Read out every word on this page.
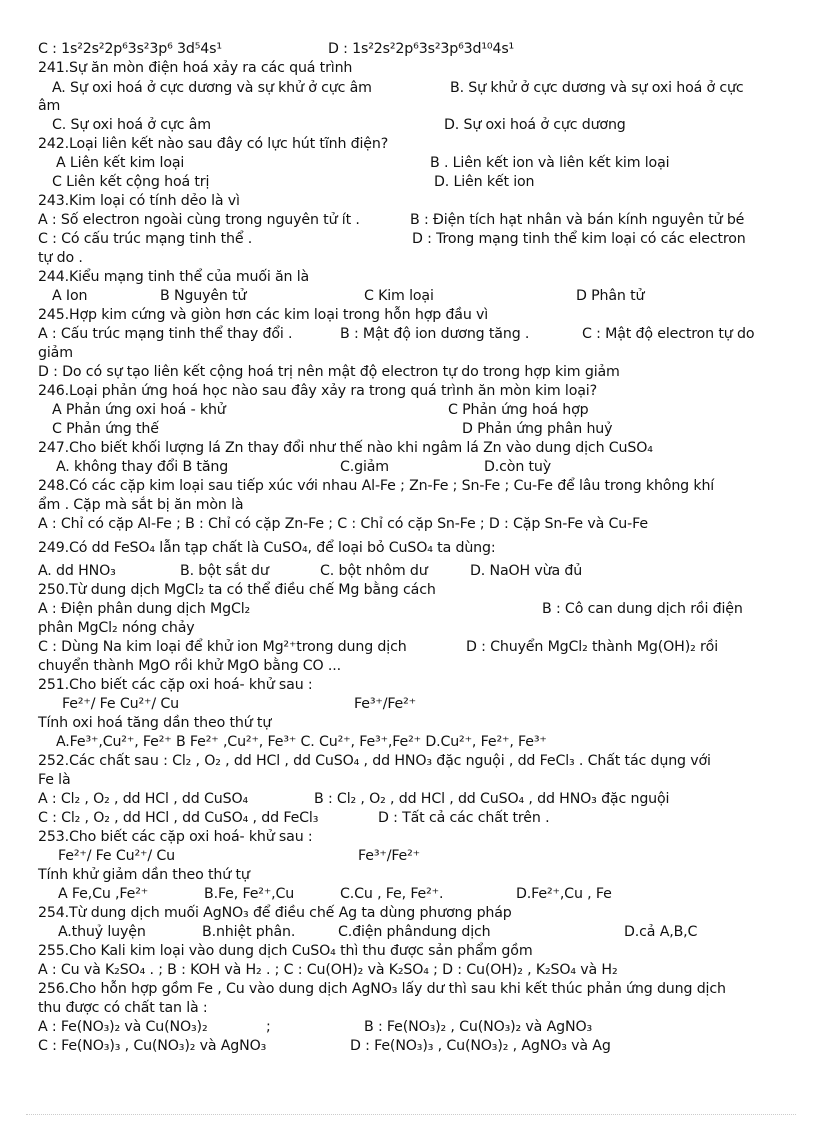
C : 1s²2s²2p⁶3s²3p⁶ 3d⁵4s¹	D : 1s²2s²2p⁶3s²3p⁶3d¹⁰4s¹
241.Sự ăn mòn điện hoá xảy ra các quá trình
A. Sự oxi hoá ở cực dương và sự khử ở cực âm	B. Sự khử ở cực dương và sự oxi hoá ở cực
âm
C. Sự oxi hoá ở cực âm	D. Sự oxi hoá ở cực dương
242.Loại liên kết nào sau đây có lực hút tĩnh điện?
A Liên kết kim loại	B . Liên kết ion và liên kết kim loại
C Liên kết cộng hoá trị	D. Liên kết ion
243.Kim loại có tính dẻo là vì
A : Số electron ngoài cùng trong nguyên tử ít .	B : Điện tích hạt nhân và bán kính nguyên tử bé
C : Có cấu trúc mạng tinh thể .	D : Trong mạng tinh thể kim loại có các electron
tự do .
244.Kiểu mạng tinh thể của muối ăn là
A Ion	B Nguyên tử	C Kim loại	D Phân tử
245.Hợp kim cứng và giòn hơn các kim loại trong hỗn hợp đầu vì
A : Cấu trúc mạng tinh thể thay đổi .	B : Mật độ ion dương tăng .	C : Mật độ electron tự do
giảm
D : Do có sự tạo liên kết cộng hoá trị nên mật độ electron tự do trong hợp kim giảm
246.Loại phản ứng hoá học nào sau đây xảy ra trong quá trình ăn mòn kim loại?
A Phản ứng oxi hoá - khử	C Phản ứng hoá hợp
C Phản ứng thế	D Phản ứng phân huỷ
247.Cho biết khối lượng lá Zn thay đổi như thế nào khi ngâm lá Zn vào dung dịch CuSO₄
A. không thay đổi B tăng	C.giảm	D.còn tuỳ
248.Có các cặp kim loại sau tiếp xúc với nhau Al-Fe ; Zn-Fe ; Sn-Fe ; Cu-Fe để lâu trong không khí
ẩm . Cặp mà sắt bị ăn mòn là
A : Chỉ có cặp Al-Fe ; B : Chỉ có cặp Zn-Fe ; C : Chỉ có cặp Sn-Fe ; D : Cặp Sn-Fe và Cu-Fe
249.Có dd FeSO₄ lẫn tạp chất là CuSO₄, để loại bỏ CuSO₄ ta dùng:
A. dd HNO₃	B. bột sắt dư	C. bột nhôm dư	D. NaOH vừa đủ
250.Từ dung dịch MgCl₂ ta có thể điều chế Mg bằng cách
A : Điện phân dung dịch MgCl₂	B : Cô can dung dịch rồi điện
phân MgCl₂ nóng chảy
C : Dùng Na kim loại để khử ion Mg²⁺trong dung dịch	D : Chuyển MgCl₂ thành Mg(OH)₂ rồi
chuyển thành MgO rồi khử MgO bằng CO ...
251.Cho biết các cặp oxi hoá- khử sau :
Fe²⁺/ Fe Cu²⁺/ Cu	Fe³⁺/Fe²⁺
Tính oxi hoá tăng dần theo thứ tự
A.Fe³⁺,Cu²⁺, Fe²⁺ B Fe²⁺ ,Cu²⁺, Fe³⁺ C. Cu²⁺, Fe³⁺,Fe²⁺ D.Cu²⁺, Fe²⁺, Fe³⁺
252.Các chất sau : Cl₂ , O₂ , dd HCl , dd CuSO₄ , dd HNO₃ đặc nguội , dd FeCl₃ . Chất tác dụng với
Fe là
A : Cl₂ , O₂ , dd HCl , dd CuSO₄	B : Cl₂ , O₂ , dd HCl , dd CuSO₄ , dd HNO₃ đặc nguội
C : Cl₂ , O₂ , dd HCl , dd CuSO₄ , dd FeCl₃	D : Tất cả các chất trên .
253.Cho biết các cặp oxi hoá- khử sau :
Fe²⁺/ Fe Cu²⁺/ Cu	Fe³⁺/Fe²⁺
Tính khử giảm dần theo thứ tự
A Fe,Cu ,Fe²⁺	B.Fe, Fe²⁺,Cu	C.Cu , Fe, Fe²⁺.	D.Fe²⁺,Cu , Fe
254.Từ dung dịch muối AgNO₃ để điều chế Ag ta dùng phương pháp
A.thuỷ luyện	B.nhiệt phân.	C.điện phândung dịch	D.cả A,B,C
255.Cho Kali kim loại vào dung dịch CuSO₄ thì thu được sản phẩm gồm
A : Cu và K₂SO₄ . ; B : KOH và H₂ . ; C : Cu(OH)₂ và K₂SO₄ ; D : Cu(OH)₂ , K₂SO₄ và H₂
256.Cho hỗn hợp gồm Fe , Cu vào dung dịch AgNO₃ lấy dư thì sau khi kết thúc phản ứng dung dịch
thu được có chất tan là :
A : Fe(NO₃)₂ và Cu(NO₃)₂	;	B : Fe(NO₃)₂ , Cu(NO₃)₂ và AgNO₃
C : Fe(NO₃)₃ , Cu(NO₃)₂ và AgNO₃	D : Fe(NO₃)₃ , Cu(NO₃)₂ , AgNO₃ và Ag
